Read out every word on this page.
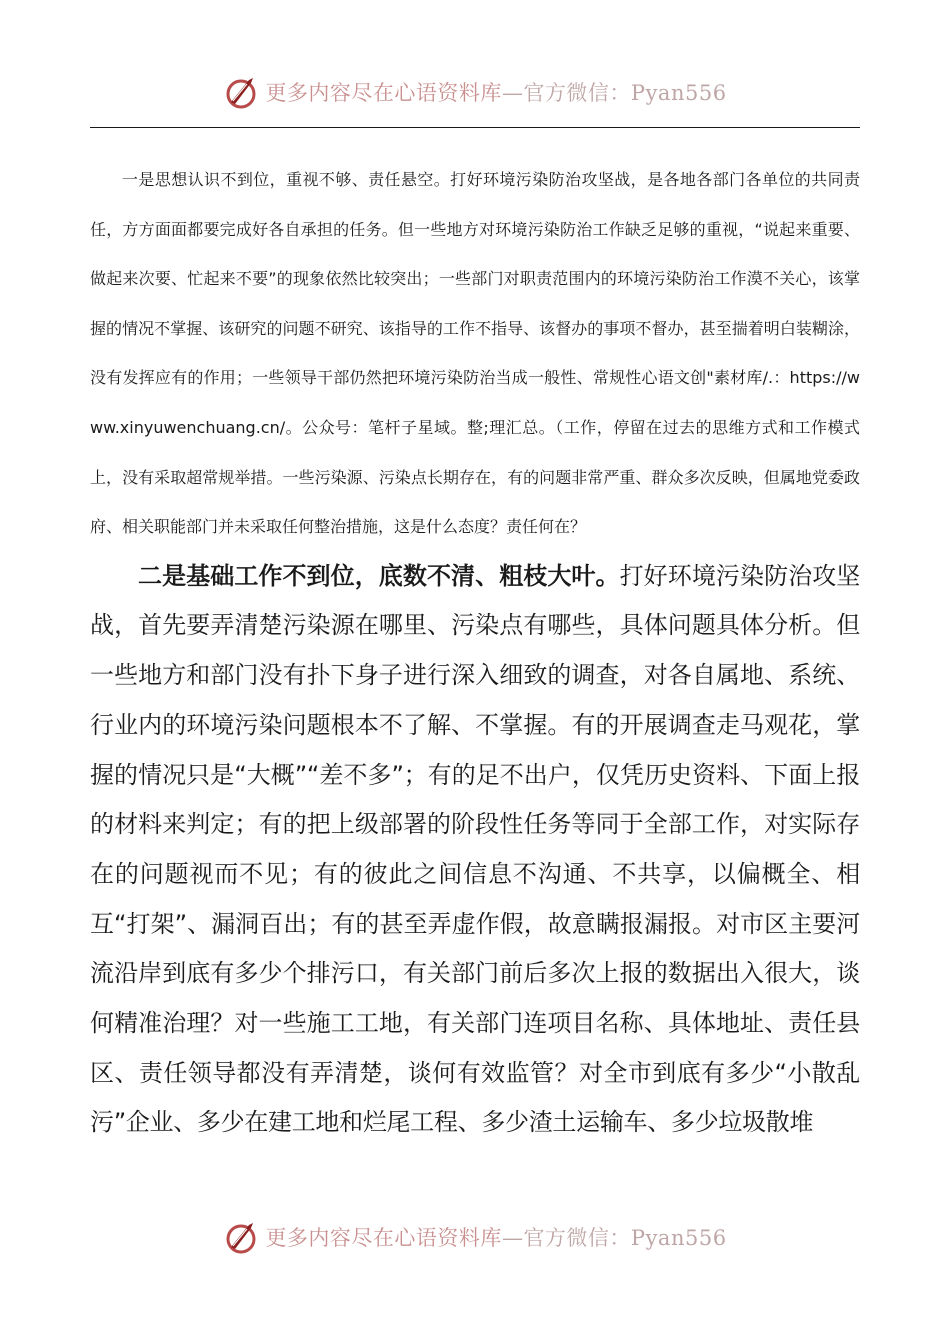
更多内容尽在心语资料库—官方微信：Pyan556

一是思想认识不到位，重视不够、责任悬空。打好环境污染防治攻坚战，是各地各部门各单位的共同责任，方方面面都要完成好各自承担的任务。但一些地方对环境污染防治工作缺乏足够的重视，“说起来重要、做起来次要、忙起来不要”的现象依然比较突出；一些部门对职责范围内的环境污染防治工作漠不关心，该掌握的情况不掌握、该研究的问题不研究、该指导的工作不指导、该督办的事项不督办，甚至揣着明白装糊涂，没有发挥应有的作用；一些领导干部仍然把环境污染防治当成一般性、常规性心语文创"素材库/.：https://www.xinyuwenchuang.cn/。公众号：笔杆子星域。整;理汇总。（工作，停留在过去的思维方式和工作模式上，没有采取超常规举措。一些污染源、污染点长期存在，有的问题非常严重、群众多次反映，但属地党委政府、相关职能部门并未采取任何整治措施，这是什么态度？责任何在？

二是基础工作不到位，底数不清、粗枝大叶。打好环境污染防治攻坚战，首先要弄清楚污染源在哪里、污染点有哪些，具体问题具体分析。但一些地方和部门没有扑下身子进行深入细致的调查，对各自属地、系统、行业内的环境污染问题根本不了解、不掌握。有的开展调查走马观花，掌握的情况只是“大概”“差不多”；有的足不出户，仅凭历史资料、下面上报的材料来判定；有的把上级部署的阶段性任务等同于全部工作，对实际存在的问题视而不见；有的彼此之间信息不沟通、不共享，以偏概全、相互“打架”、漏洞百出；有的甚至弄虚作假，故意瞒报漏报。对市区主要河流沿岸到底有多少个排污口，有关部门前后多次上报的数据出入很大，谈何精准治理？对一些施工工地，有关部门连项目名称、具体地址、责任县区、责任领导都没有弄清楚，谈何有效监管？对全市到底有多少“小散乱污”企业、多少在建工地和烂尾工程、多少渣土运输车、多少垃圾散堆

更多内容尽在心语资料库—官方微信：Pyan556
